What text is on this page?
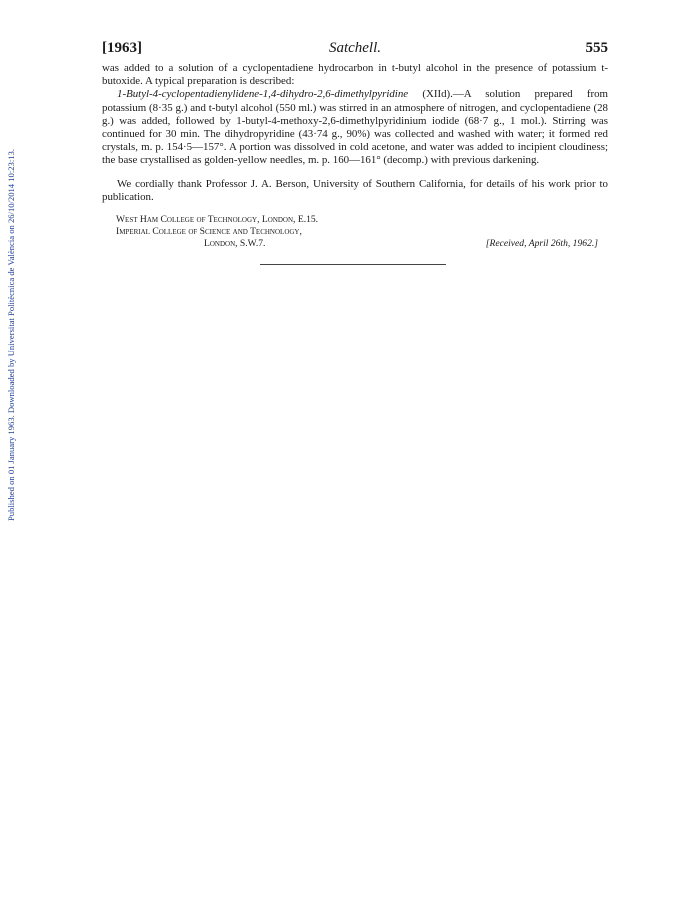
Published on 01 January 1963. Downloaded by Universitat Politècnica de València on 26/10/2014 10:23:13.
[1963]	Satchell.	555

was added to a solution of a cyclopentadiene hydrocarbon in t-butyl alcohol in the presence of potassium t-butoxide. A typical preparation is described:

1-Butyl-4-cyclopentadienylidene-1,4-dihydro-2,6-dimethylpyridine (XIId).—A solution prepared from potassium (8·35 g.) and t-butyl alcohol (550 ml.) was stirred in an atmosphere of nitrogen, and cyclopentadiene (28 g.) was added, followed by 1-butyl-4-methoxy-2,6-dimethylpyridinium iodide (68·7 g., 1 mol.). Stirring was continued for 30 min. The dihydropyridine (43·74 g., 90%) was collected and washed with water; it formed red crystals, m. p. 154·5—157°. A portion was dissolved in cold acetone, and water was added to incipient cloudiness; the base crystallised as golden-yellow needles, m. p. 160—161° (decomp.) with previous darkening.

We cordially thank Professor J. A. Berson, University of Southern California, for details of his work prior to publication.

West Ham College of Technology, London, E.15.
Imperial College of Science and Technology,
London, S.W.7.	[Received, April 26th, 1962.]
